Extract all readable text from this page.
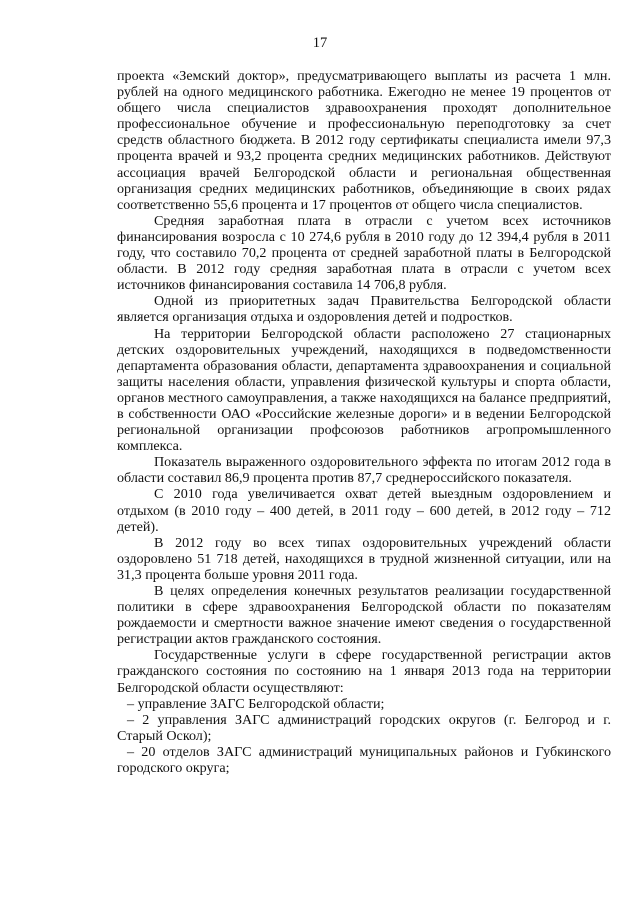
17

проекта «Земский доктор», предусматривающего выплаты из расчета 1 млн. рублей на одного медицинского работника. Ежегодно не менее 19 процентов от общего числа специалистов здравоохранения проходят дополнительное профессиональное обучение и профессиональную переподготовку за счет средств областного бюджета. В 2012 году сертификаты специалиста имели 97,3 процента врачей и 93,2 процента средних медицинских работников. Действуют ассоциация врачей Белгородской области и региональная общественная организация средних медицинских работников, объединяющие в своих рядах соответственно 55,6 процента и 17 процентов от общего числа специалистов.

Средняя заработная плата в отрасли с учетом всех источников финансирования возросла с 10 274,6 рубля в 2010 году до 12 394,4 рубля в 2011 году, что составило 70,2 процента от средней заработной платы в Белгородской области. В 2012 году средняя заработная плата в отрасли с учетом всех источников финансирования составила 14 706,8 рубля.

Одной из приоритетных задач Правительства Белгородской области является организация отдыха и оздоровления детей и подростков.

На территории Белгородской области расположено 27 стационарных детских оздоровительных учреждений, находящихся в подведомственности департамента образования области, департамента здравоохранения и социальной защиты населения области, управления физической культуры и спорта области, органов местного самоуправления, а также находящихся на балансе предприятий, в собственности ОАО «Российские железные дороги» и в ведении Белгородской региональной организации профсоюзов работников агропромышленного комплекса.

Показатель выраженного оздоровительного эффекта по итогам 2012 года в области составил 86,9 процента против 87,7 среднероссийского показателя.

С 2010 года увеличивается охват детей выездным оздоровлением и отдыхом (в 2010 году – 400 детей, в 2011 году – 600 детей, в 2012 году – 712 детей).

В 2012 году во всех типах оздоровительных учреждений области оздоровлено 51 718 детей, находящихся в трудной жизненной ситуации, или на 31,3 процента больше уровня 2011 года.

В целях определения конечных результатов реализации государственной политики в сфере здравоохранения Белгородской области по показателям рождаемости и смертности важное значение имеют сведения о государственной регистрации актов гражданского состояния.

Государственные услуги в сфере государственной регистрации актов гражданского состояния по состоянию на 1 января 2013 года на территории Белгородской области осуществляют:

– управление ЗАГС Белгородской области;

– 2 управления ЗАГС администраций городских округов (г. Белгород и г. Старый Оскол);

– 20 отделов ЗАГС администраций муниципальных районов и Губкинского городского округа;
